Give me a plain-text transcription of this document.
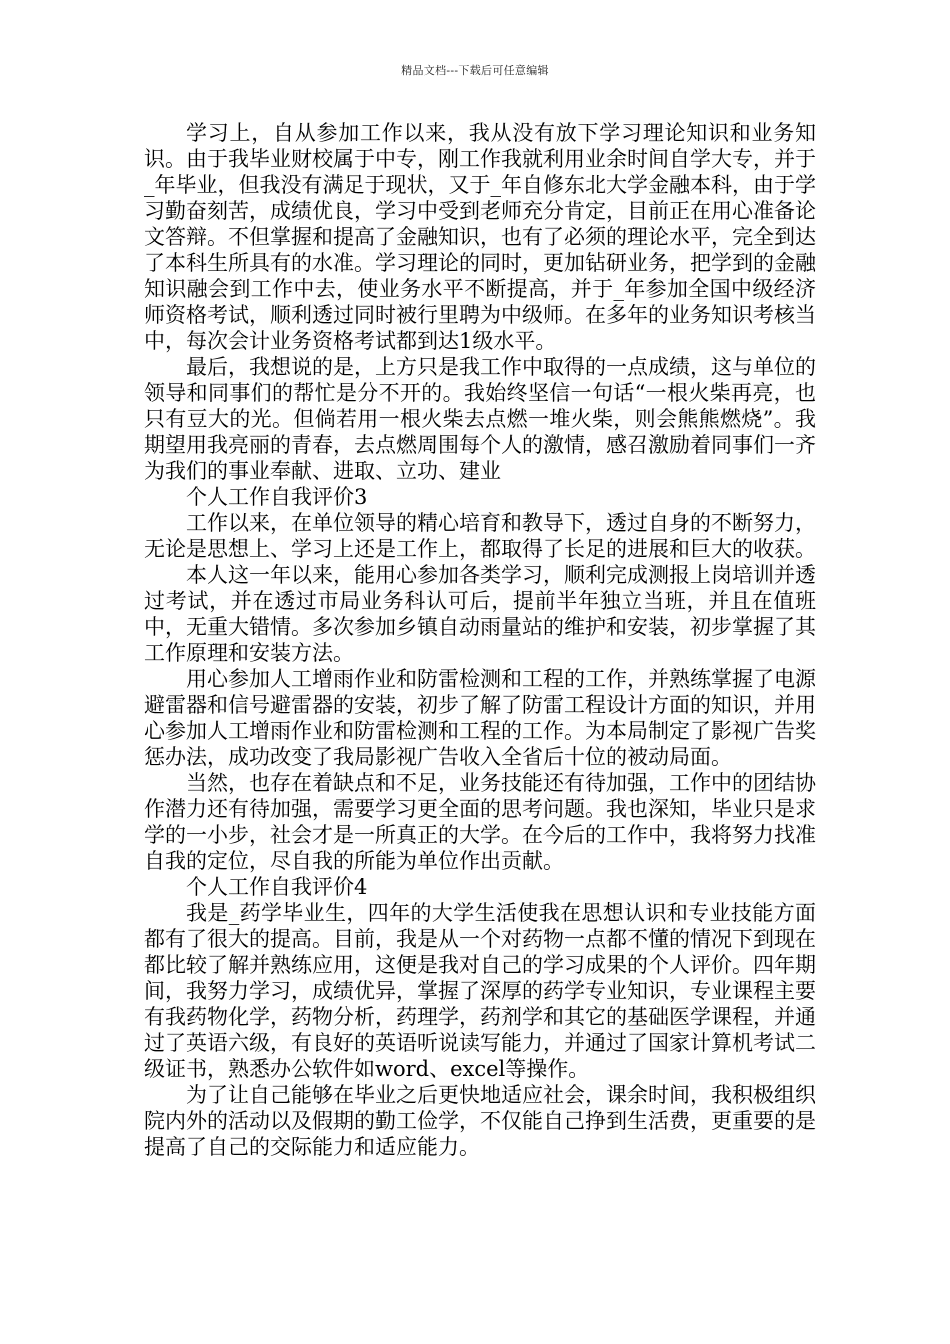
精品文档---下载后可任意编辑

学习上，自从参加工作以来，我从没有放下学习理论知识和业务知识。由于我毕业财校属于中专，刚工作我就利用业余时间自学大专，并于_年毕业，但我没有满足于现状，又于_年自修东北大学金融本科，由于学习勤奋刻苦，成绩优良，学习中受到老师充分肯定，目前正在用心准备论文答辩。不但掌握和提高了金融知识，也有了必须的理论水平，完全到达了本科生所具有的水准。学习理论的同时，更加钻研业务，把学到的金融知识融会到工作中去，使业务水平不断提高，并于_年参加全国中级经济师资格考试，顺利透过同时被行里聘为中级师。在多年的业务知识考核当中，每次会计业务资格考试都到达1级水平。

最后，我想说的是，上方只是我工作中取得的一点成绩，这与单位的领导和同事们的帮忙是分不开的。我始终坚信一句话“一根火柴再亮，也只有豆大的光。但倘若用一根火柴去点燃一堆火柴，则会熊熊燃烧”。我期望用我亮丽的青春，去点燃周围每个人的激情，感召激励着同事们一齐为我们的事业奉献、进取、立功、建业

个人工作自我评价3

工作以来，在单位领导的精心培育和教导下，透过自身的不断努力，无论是思想上、学习上还是工作上，都取得了长足的进展和巨大的收获。

本人这一年以来，能用心参加各类学习，顺利完成测报上岗培训并透过考试，并在透过市局业务科认可后，提前半年独立当班，并且在值班中，无重大错情。多次参加乡镇自动雨量站的维护和安装，初步掌握了其工作原理和安装方法。

用心参加人工增雨作业和防雷检测和工程的工作，并熟练掌握了电源避雷器和信号避雷器的安装，初步了解了防雷工程设计方面的知识，并用心参加人工增雨作业和防雷检测和工程的工作。为本局制定了影视广告奖惩办法，成功改变了我局影视广告收入全省后十位的被动局面。

当然，也存在着缺点和不足，业务技能还有待加强，工作中的团结协作潜力还有待加强，需要学习更全面的思考问题。我也深知，毕业只是求学的一小步，社会才是一所真正的大学。在今后的工作中，我将努力找准自我的定位，尽自我的所能为单位作出贡献。

个人工作自我评价4

我是_药学毕业生，四年的大学生活使我在思想认识和专业技能方面都有了很大的提高。目前，我是从一个对药物一点都不懂的情况下到现在都比较了解并熟练应用，这便是我对自己的学习成果的个人评价。四年期间，我努力学习，成绩优异，掌握了深厚的药学专业知识，专业课程主要有我药物化学，药物分析，药理学，药剂学和其它的基础医学课程，并通过了英语六级，有良好的英语听说读写能力，并通过了国家计算机考试二级证书，熟悉办公软件如word、excel等操作。

为了让自己能够在毕业之后更快地适应社会，课余时间，我积极组织院内外的活动以及假期的勤工俭学，不仅能自己挣到生活费，更重要的是提高了自己的交际能力和适应能力。
